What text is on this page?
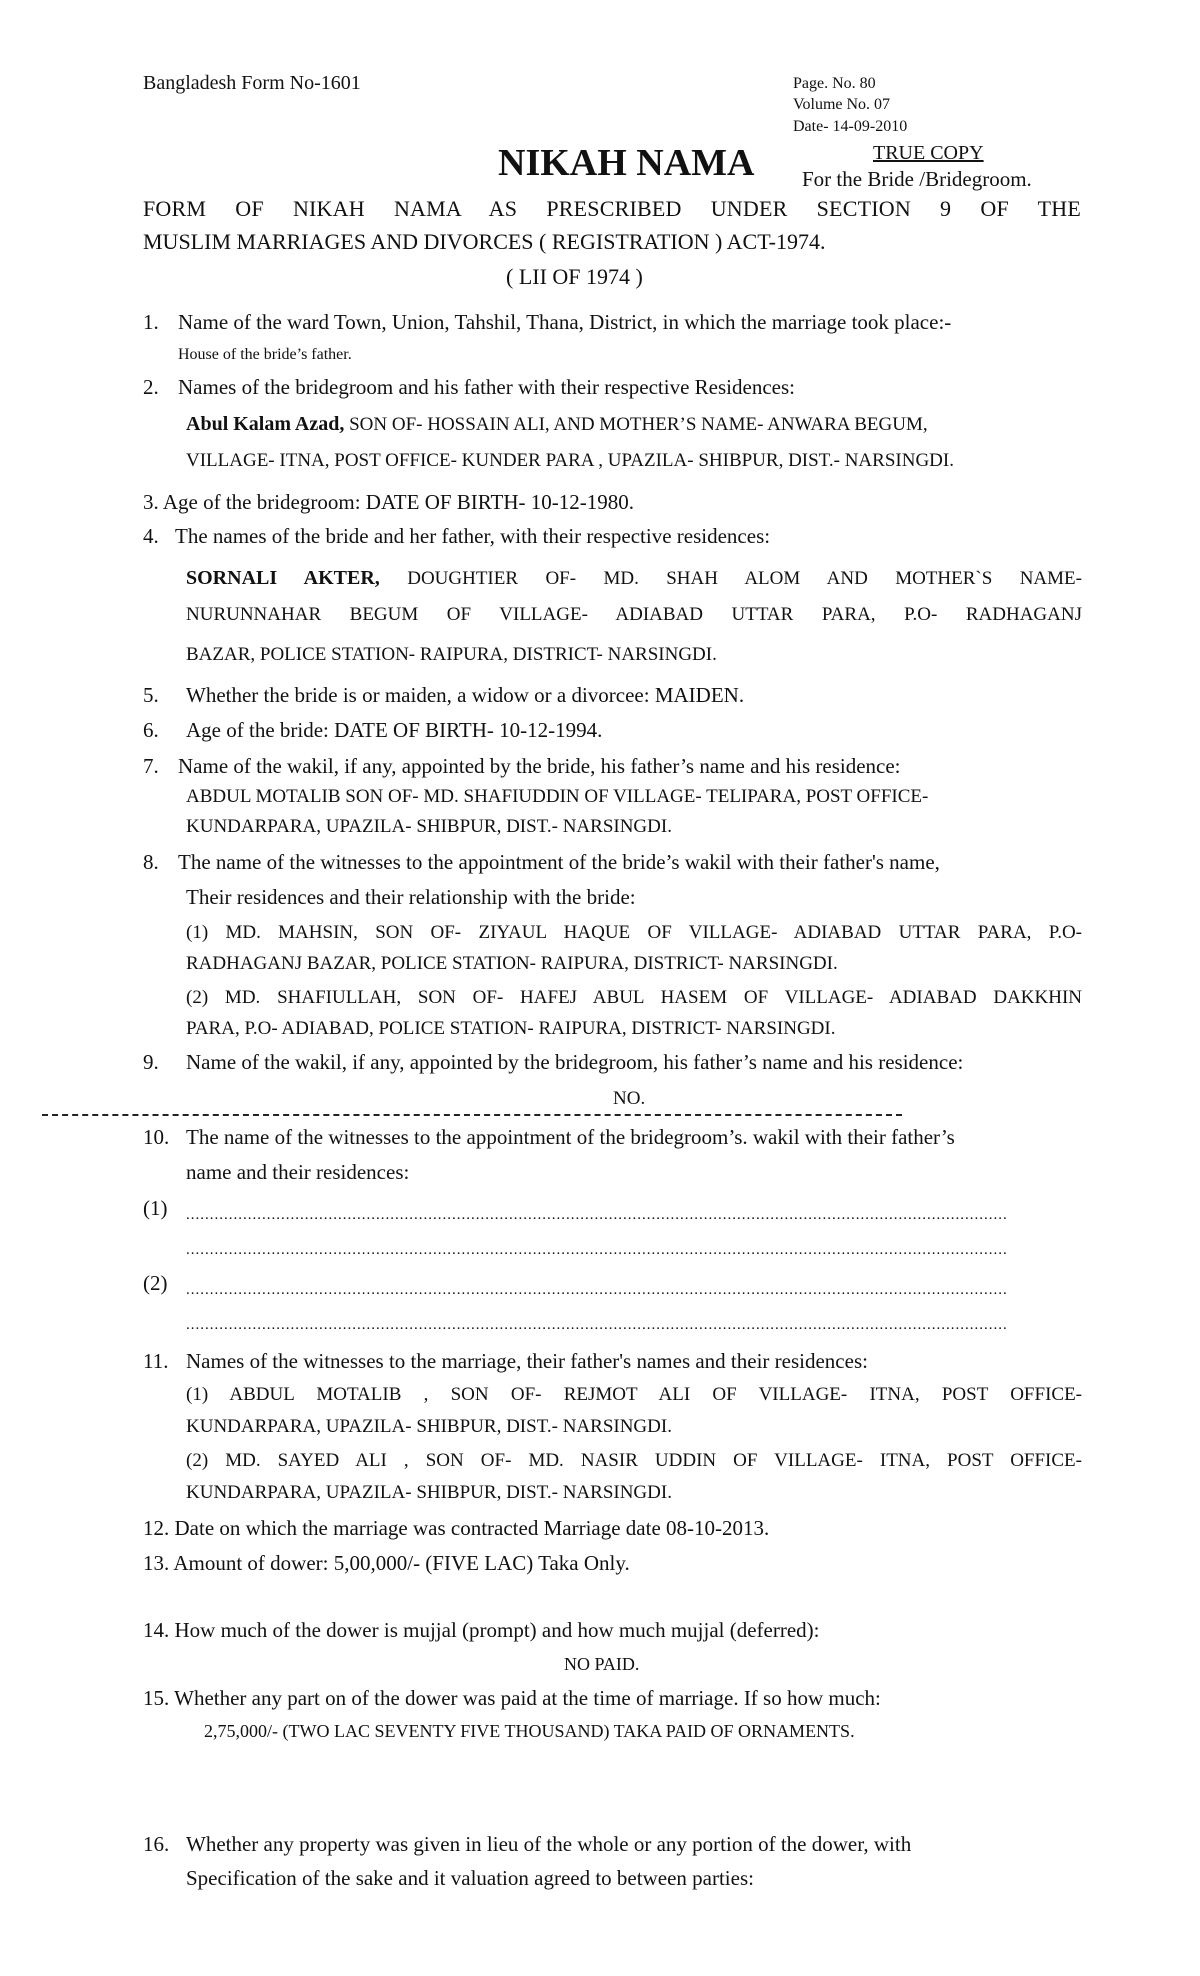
Bangladesh Form No-1601	Page. No. 80
Volume No. 07
Date- 14-09-2010
TRUE COPY
NIKAH NAMA For the Bride /Bridegroom.
FORM OF NIKAH NAMA AS PRESCRIBED UNDER SECTION 9 OF THE
MUSLIM MARRIAGES AND DIVORCES ( REGISTRATION ) ACT-1974.
( LII OF 1974 )
1. Name of the ward Town, Union, Tahshil, Thana, District, in which the marriage took place:-
House of the bride’s father.
2. Names of the bridegroom and his father with their respective Residences:
Abul Kalam Azad, SON OF- HOSSAIN ALI, AND MOTHER’S NAME- ANWARA BEGUM,
VILLAGE- ITNA, POST OFFICE- KUNDER PARA , UPAZILA- SHIBPUR, DIST.- NARSINGDI.
3. Age of the bridegroom: DATE OF BIRTH- 10-12-1980.
4. The names of the bride and her father, with their respective residences:
SORNALI AKTER, DOUGHTIER OF- MD. SHAH ALOM AND MOTHER`S NAME-
NURUNNAHAR BEGUM OF VILLAGE- ADIABAD UTTAR PARA, P.O- RADHAGANJ
BAZAR, POLICE STATION- RAIPURA, DISTRICT- NARSINGDI.
5. Whether the bride is or maiden, a widow or a divorcee: MAIDEN.
6. Age of the bride: DATE OF BIRTH- 10-12-1994.
7. Name of the wakil, if any, appointed by the bride, his father’s name and his residence:
ABDUL MOTALIB SON OF- MD. SHAFIUDDIN OF VILLAGE- TELIPARA, POST OFFICE-
KUNDARPARA, UPAZILA- SHIBPUR, DIST.- NARSINGDI.
8. The name of the witnesses to the appointment of the bride’s wakil with their father's name,
Their residences and their relationship with the bride:
(1) MD. MAHSIN, SON OF- ZIYAUL HAQUE OF VILLAGE- ADIABAD UTTAR PARA, P.O-
RADHAGANJ BAZAR, POLICE STATION- RAIPURA, DISTRICT- NARSINGDI.
(2) MD. SHAFIULLAH, SON OF- HAFEJ ABUL HASEM OF VILLAGE- ADIABAD DAKKHIN
PARA, P.O- ADIABAD, POLICE STATION- RAIPURA, DISTRICT- NARSINGDI.
9. Name of the wakil, if any, appointed by the bridegroom, his father’s name and his residence:
NO.
10. The name of the witnesses to the appointment of the bridegroom’s. wakil with their father’s
name and their residences:
(1)
.....
.....
(2)
.....
.....
11. Names of the witnesses to the marriage, their father's names and their residences:
(1) ABDUL MOTALIB , SON OF- REJMOT ALI OF VILLAGE- ITNA, POST OFFICE-
KUNDARPARA, UPAZILA- SHIBPUR, DIST.- NARSINGDI.
(2) MD. SAYED ALI , SON OF- MD. NASIR UDDIN OF VILLAGE- ITNA, POST OFFICE-
KUNDARPARA, UPAZILA- SHIBPUR, DIST.- NARSINGDI.
12. Date on which the marriage was contracted Marriage date 08-10-2013.
13. Amount of dower: 5,00,000/- (FIVE LAC) Taka Only.
14. How much of the dower is mujjal (prompt) and how much mujjal (deferred):
NO PAID.
15. Whether any part on of the dower was paid at the time of marriage. If so how much:
2,75,000/- (TWO LAC SEVENTY FIVE THOUSAND) TAKA PAID OF ORNAMENTS.
16. Whether any property was given in lieu of the whole or any portion of the dower, with
Specification of the sake and it valuation agreed to between parties:
